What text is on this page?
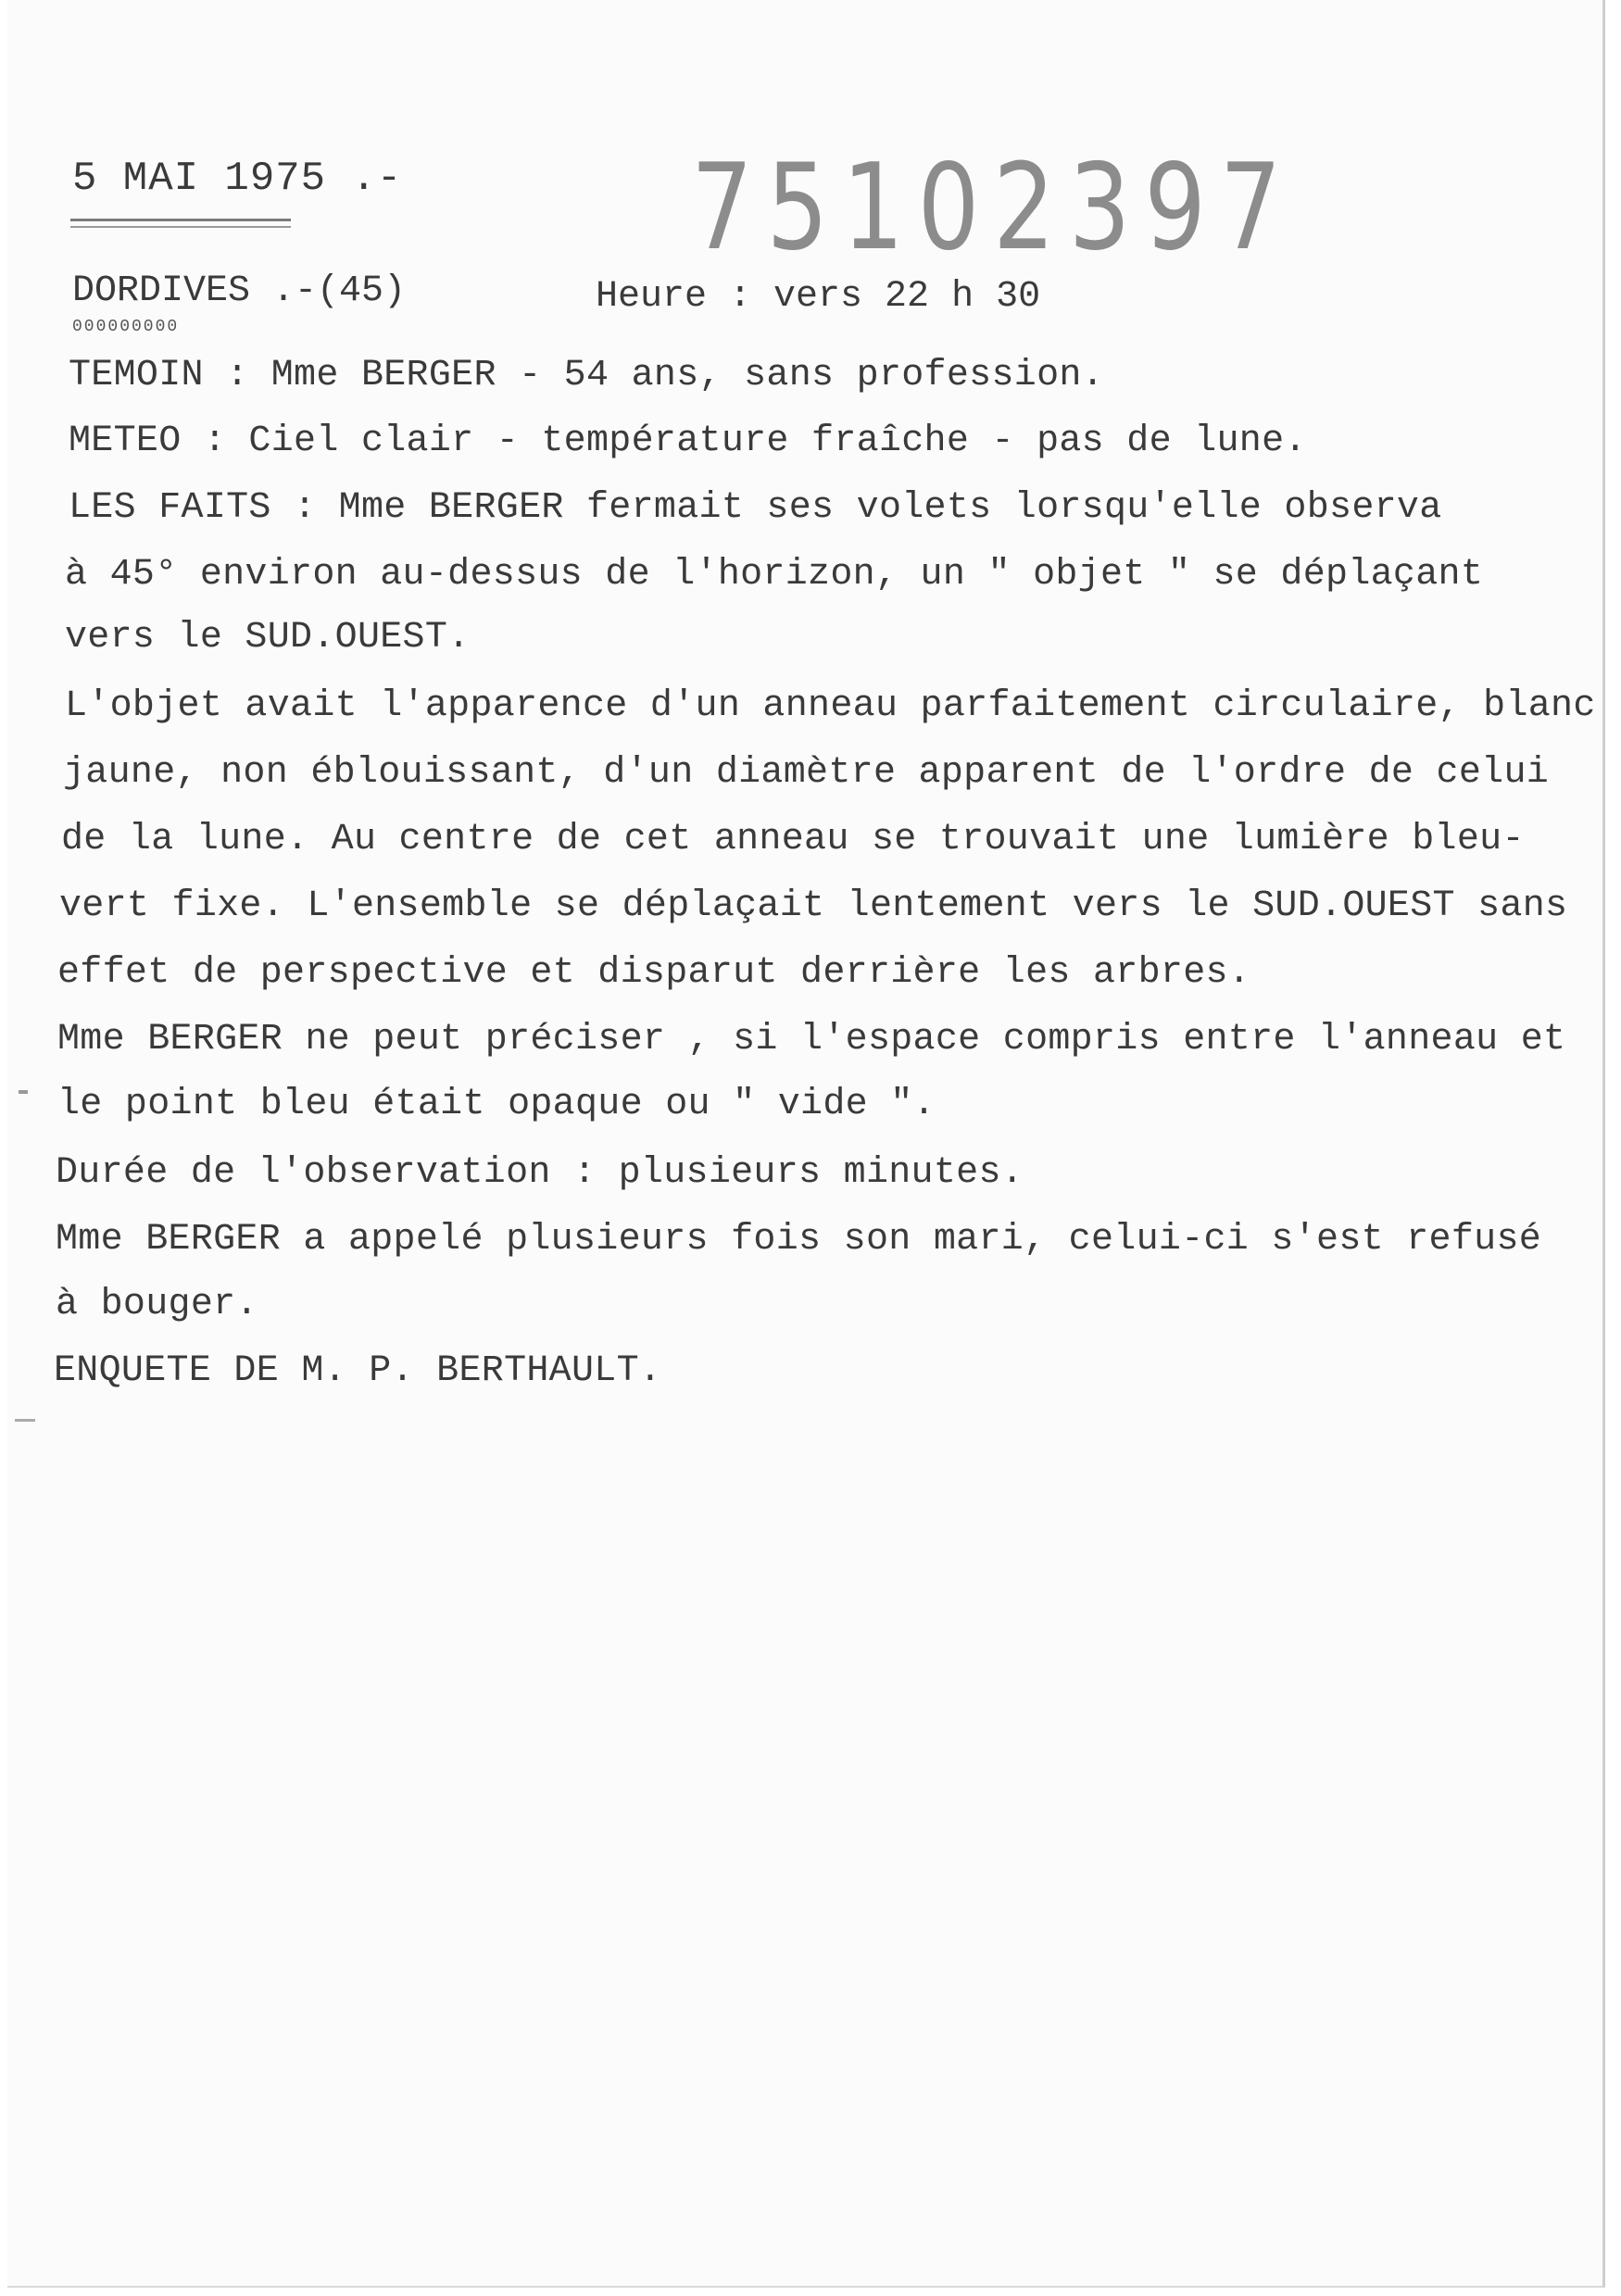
5 MAI 1975 .- 75102397
DORDIVES .-(45)
000000000
Heure : vers 22 h 30
TEMOIN : Mme BERGER - 54 ans, sans profession.
METEO : Ciel clair - température fraîche - pas de lune.
LES FAITS : Mme BERGER fermait ses volets lorsqu'elle observa
à 45° environ au-dessus de l'horizon, un " objet " se déplaçant
vers le SUD.OUEST.
L'objet avait l'apparence d'un anneau parfaitement circulaire, blanc
jaune, non éblouissant, d'un diamètre apparent de l'ordre de celui
de la lune. Au centre de cet anneau se trouvait une lumière bleu-
vert fixe. L'ensemble se déplaçait lentement vers le SUD.OUEST sans
effet de perspective et disparut derrière les arbres.
Mme BERGER ne peut préciser , si l'espace compris entre l'anneau et
le point bleu était opaque ou " vide ".
Durée de l'observation : plusieurs minutes.
Mme BERGER a appelé plusieurs fois son mari, celui-ci s'est refusé
à bouger.
ENQUETE DE M. P. BERTHAULT.
